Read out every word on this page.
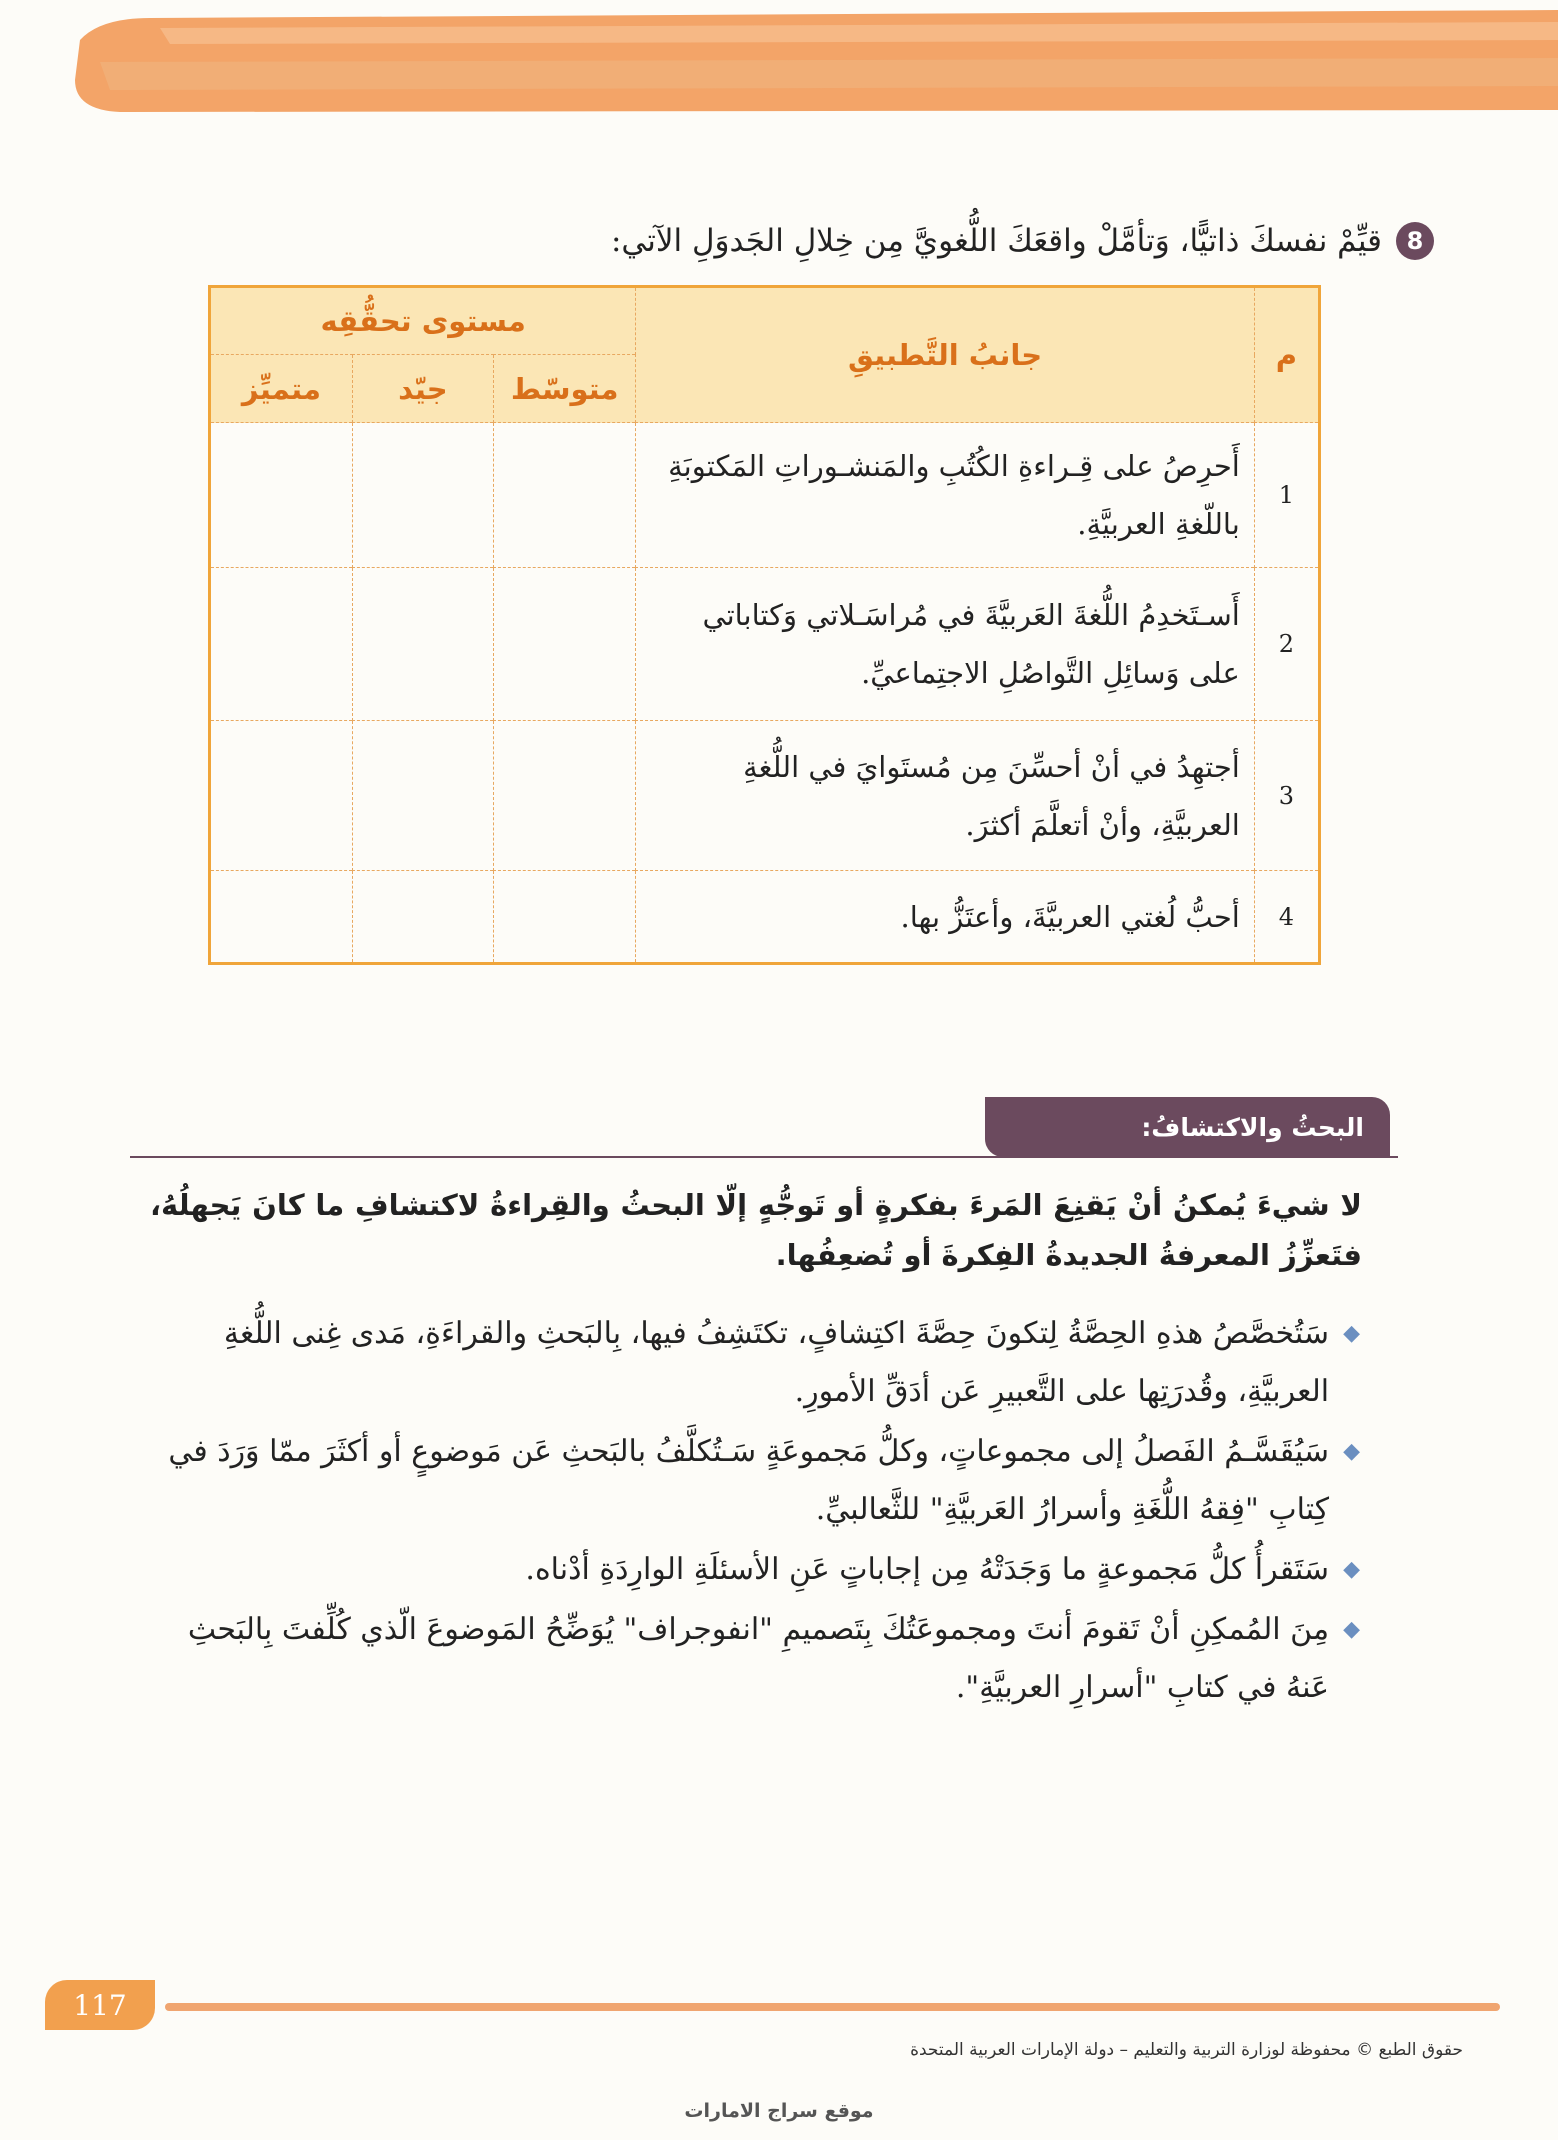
8
قيِّمْ نفسكَ ذاتيًّا، وَتأمَّلْ واقعَكَ اللُّغويَّ مِن خِلالِ الجَدوَلِ الآتي:
م	جانبُ التَّطبيقِ	مستوى تحقُّقِه		
		متوسّط	جيّد	متميِّز
1	أَحرِصُ على قِـراءةِ الكُتُبِ والمَنشـوراتِ المَكتوبَةِ باللّغةِ العربيَّةِ.			
2	أَسـتَخدِمُ اللُّغةَ العَربيَّةَ في مُراسَـلاتي وَكتاباتي على وَسائِلِ التَّواصُلِ الاجتِماعيِّ.			
3	أجتهِدُ في أنْ أحسِّنَ مِن مُستَوايَ في اللُّغةِ العربيَّةِ، وأنْ أتعلَّمَ أكثرَ.			
4	أحبُّ لُغتي العربيَّةَ، وأعتَزُّ بها.			
البحثُ والاكتشافُ:
لا شيءَ يُمكنُ أنْ يَقنِعَ المَرءَ بفكرةٍ أو تَوجُّهٍ إلّا البحثُ والقِراءةُ لاكتشافِ ما كانَ يَجهلُهُ، فتَعزِّزُ المعرفةُ الجديدةُ الفِكرةَ أو تُضعِفُها.
◆
سَتُخصَّصُ هذهِ الحِصَّةُ لِتكونَ حِصَّةَ اكتِشافٍ، تكتَشِفُ فيها، بِالبَحثِ والقراءَةِ، مَدى غِنى اللُّغةِ العربيَّةِ، وقُدرَتِها على التَّعبيرِ عَن أدَقِّ الأمورِ.
◆
سَيُقَسَّـمُ الفَصلُ إلى مجموعاتٍ، وكلُّ مَجموعَةٍ سَـتُكلَّفُ بالبَحثِ عَن مَوضوعٍ أو أكثَرَ ممّا وَرَدَ في كِتابِ "فِقهُ اللُّغَةِ وأسرارُ العَربيَّةِ" للثَّعالبيِّ.
◆
سَتَقرأُ كلُّ مَجموعةٍ ما وَجَدَتْهُ مِن إجاباتٍ عَنِ الأسئلَةِ الوارِدَةِ أدْناه.
◆
مِنَ المُمكِنِ أنْ تَقومَ أنتَ ومجموعَتُكَ بِتَصميمِ "انفوجراف" يُوَضِّحُ المَوضوعَ الّذي كُلِّفتَ بِالبَحثِ عَنهُ في كتابِ "أسرارِ العربيَّةِ".
117
حقوق الطبع © محفوظة لوزارة التربية والتعليم – دولة الإمارات العربية المتحدة
موقع سراج الامارات
